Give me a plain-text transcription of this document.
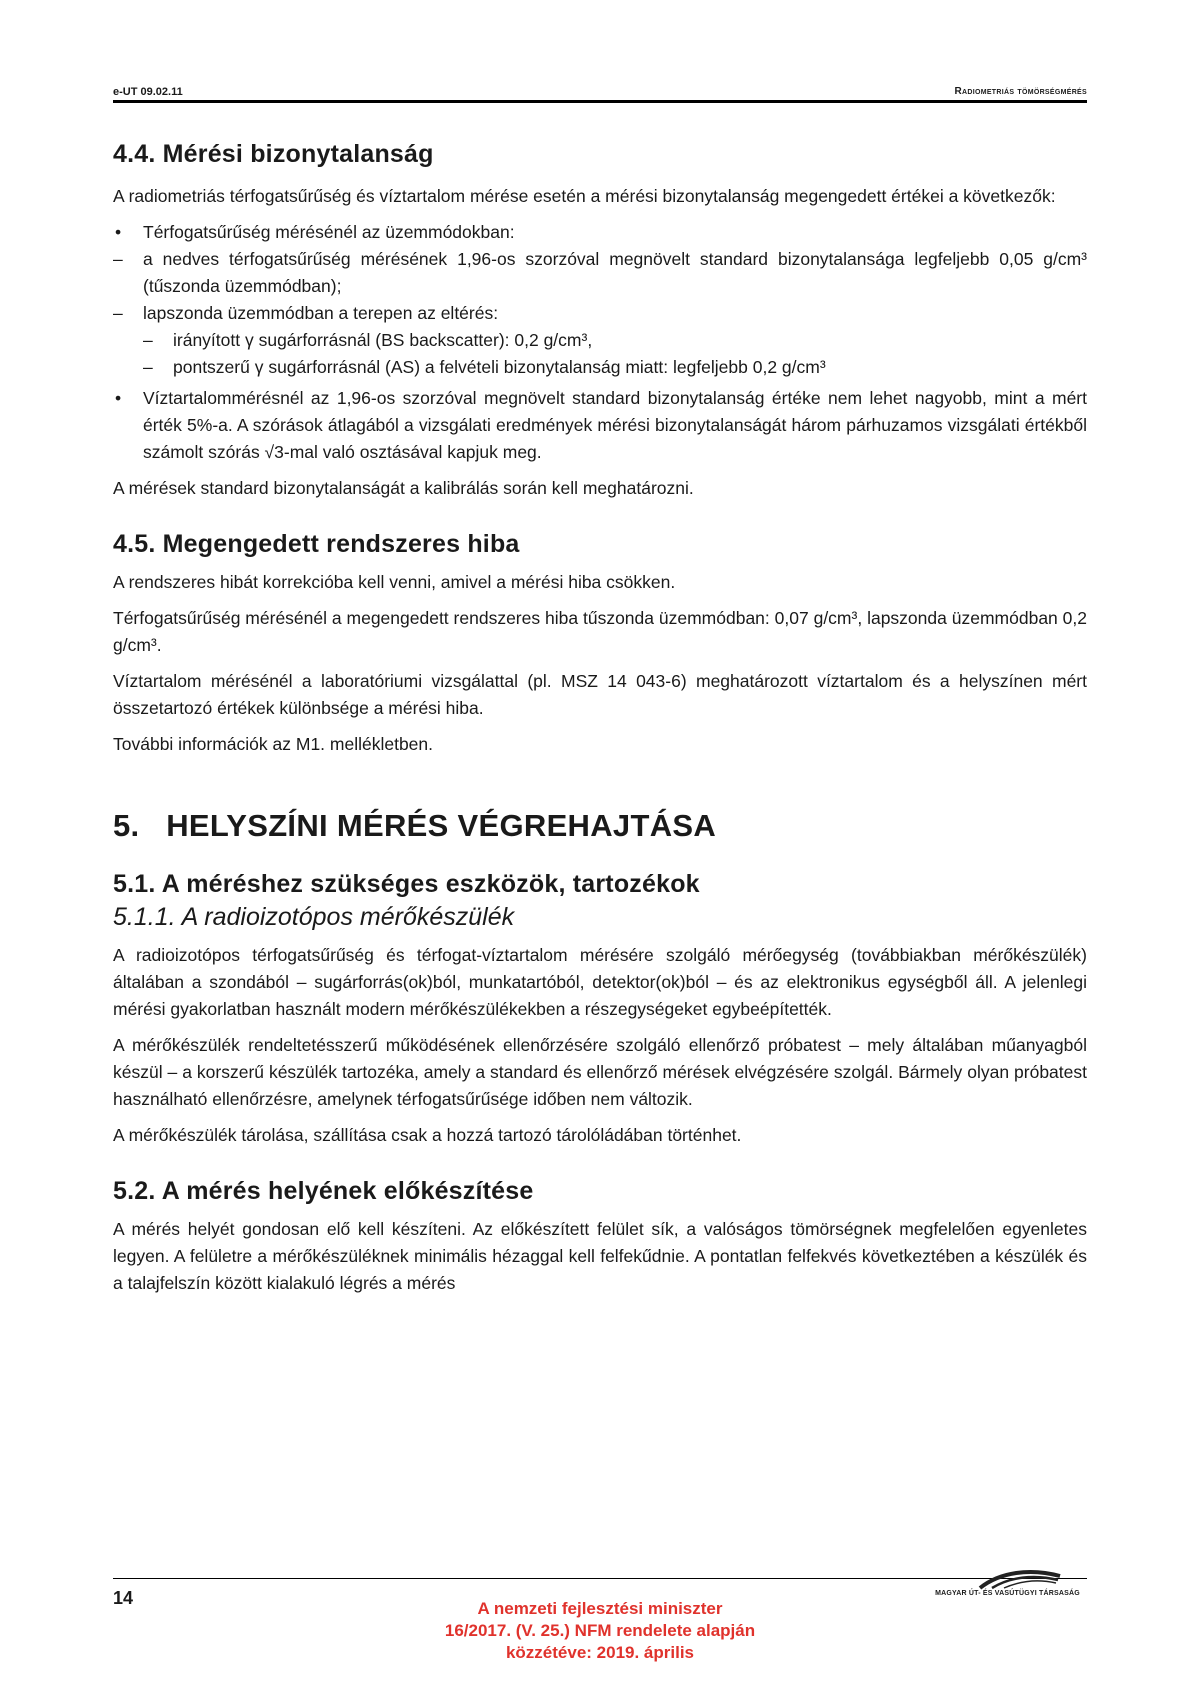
e-UT 09.02.11	Radiometriás tömörségmérés
4.4. Mérési bizonytalanság

A radiometriás térfogatsűrűség és víztartalom mérése esetén a mérési bizonytalanság megengedett értékei a következők:

• Térfogatsűrűség mérésénél az üzemmódokban:
– a nedves térfogatsűrűség mérésének 1,96-os szorzóval megnövelt standard bizonytalansága legfeljebb 0,05 g/cm³ (tűszonda üzemmódban);
– lapszonda üzemmódban a terepen az eltérés:
– irányított γ sugárforrásnál (BS backscatter): 0,2 g/cm³,
– pontszerű γ sugárforrásnál (AS) a felvételi bizonytalanság miatt: legfeljebb 0,2 g/cm³
• Víztartalommérésnél az 1,96-os szorzóval megnövelt standard bizonytalanság értéke nem lehet nagyobb, mint a mért érték 5%-a. A szórások átlagából a vizsgálati eredmények mérési bizonytalanságát három párhuzamos vizsgálati értékből számolt szórás √3-mal való osztásával kapjuk meg.

A mérések standard bizonytalanságát a kalibrálás során kell meghatározni.

4.5. Megengedett rendszeres hiba

A rendszeres hibát korrekcióba kell venni, amivel a mérési hiba csökken.

Térfogatsűrűség mérésénél a megengedett rendszeres hiba tűszonda üzemmódban: 0,07 g/cm³, lapszonda üzemmódban 0,2 g/cm³.

Víztartalom mérésénél a laboratóriumi vizsgálattal (pl. MSZ 14 043-6) meghatározott víztartalom és a helyszínen mért összetartozó értékek különbsége a mérési hiba.

További információk az M1. mellékletben.

5.   HELYSZÍNI MÉRÉS VÉGREHAJTÁSA
5.1. A méréshez szükséges eszközök, tartozékok
5.1.1. A radioizotópos mérőkészülék

A radioizotópos térfogatsűrűség és térfogat-víztartalom mérésére szolgáló mérőegység (továbbiakban mérőkészülék) általában a szondából – sugárforrás(ok)ból, munkatartóból, detektor(ok)ból – és az elektronikus egységből áll. A jelenlegi mérési gyakorlatban használt modern mérőkészülékekben a részegységeket egybeépítették.

A mérőkészülék rendeltetésszerű működésének ellenőrzésére szolgáló ellenőrző próbatest – mely általában műanyagból készül – a korszerű készülék tartozéka, amely a standard és ellenőrző mérések elvégzésére szolgál. Bármely olyan próbatest használható ellenőrzésre, amelynek térfogatsűrűsége időben nem változik.

A mérőkészülék tárolása, szállítása csak a hozzá tartozó tárolóládában történhet.

5.2. A mérés helyének előkészítése

A mérés helyét gondosan elő kell készíteni. Az előkészített felület sík, a valóságos tömörségnek megfelelően egyenletes legyen. A felületre a mérőkészüléknek minimális hézaggal kell felfekűdnie. A pontatlan felfekvés következtében a készülék és a talajfelszín között kialakuló légrés a mérés

14
A nemzeti fejlesztési miniszter
16/2017. (V. 25.) NFM rendelete alapján
közzétéve: 2019. április
MAGYAR ÚT- ÉS VASÚTÜGYI TÁRSASÁG
